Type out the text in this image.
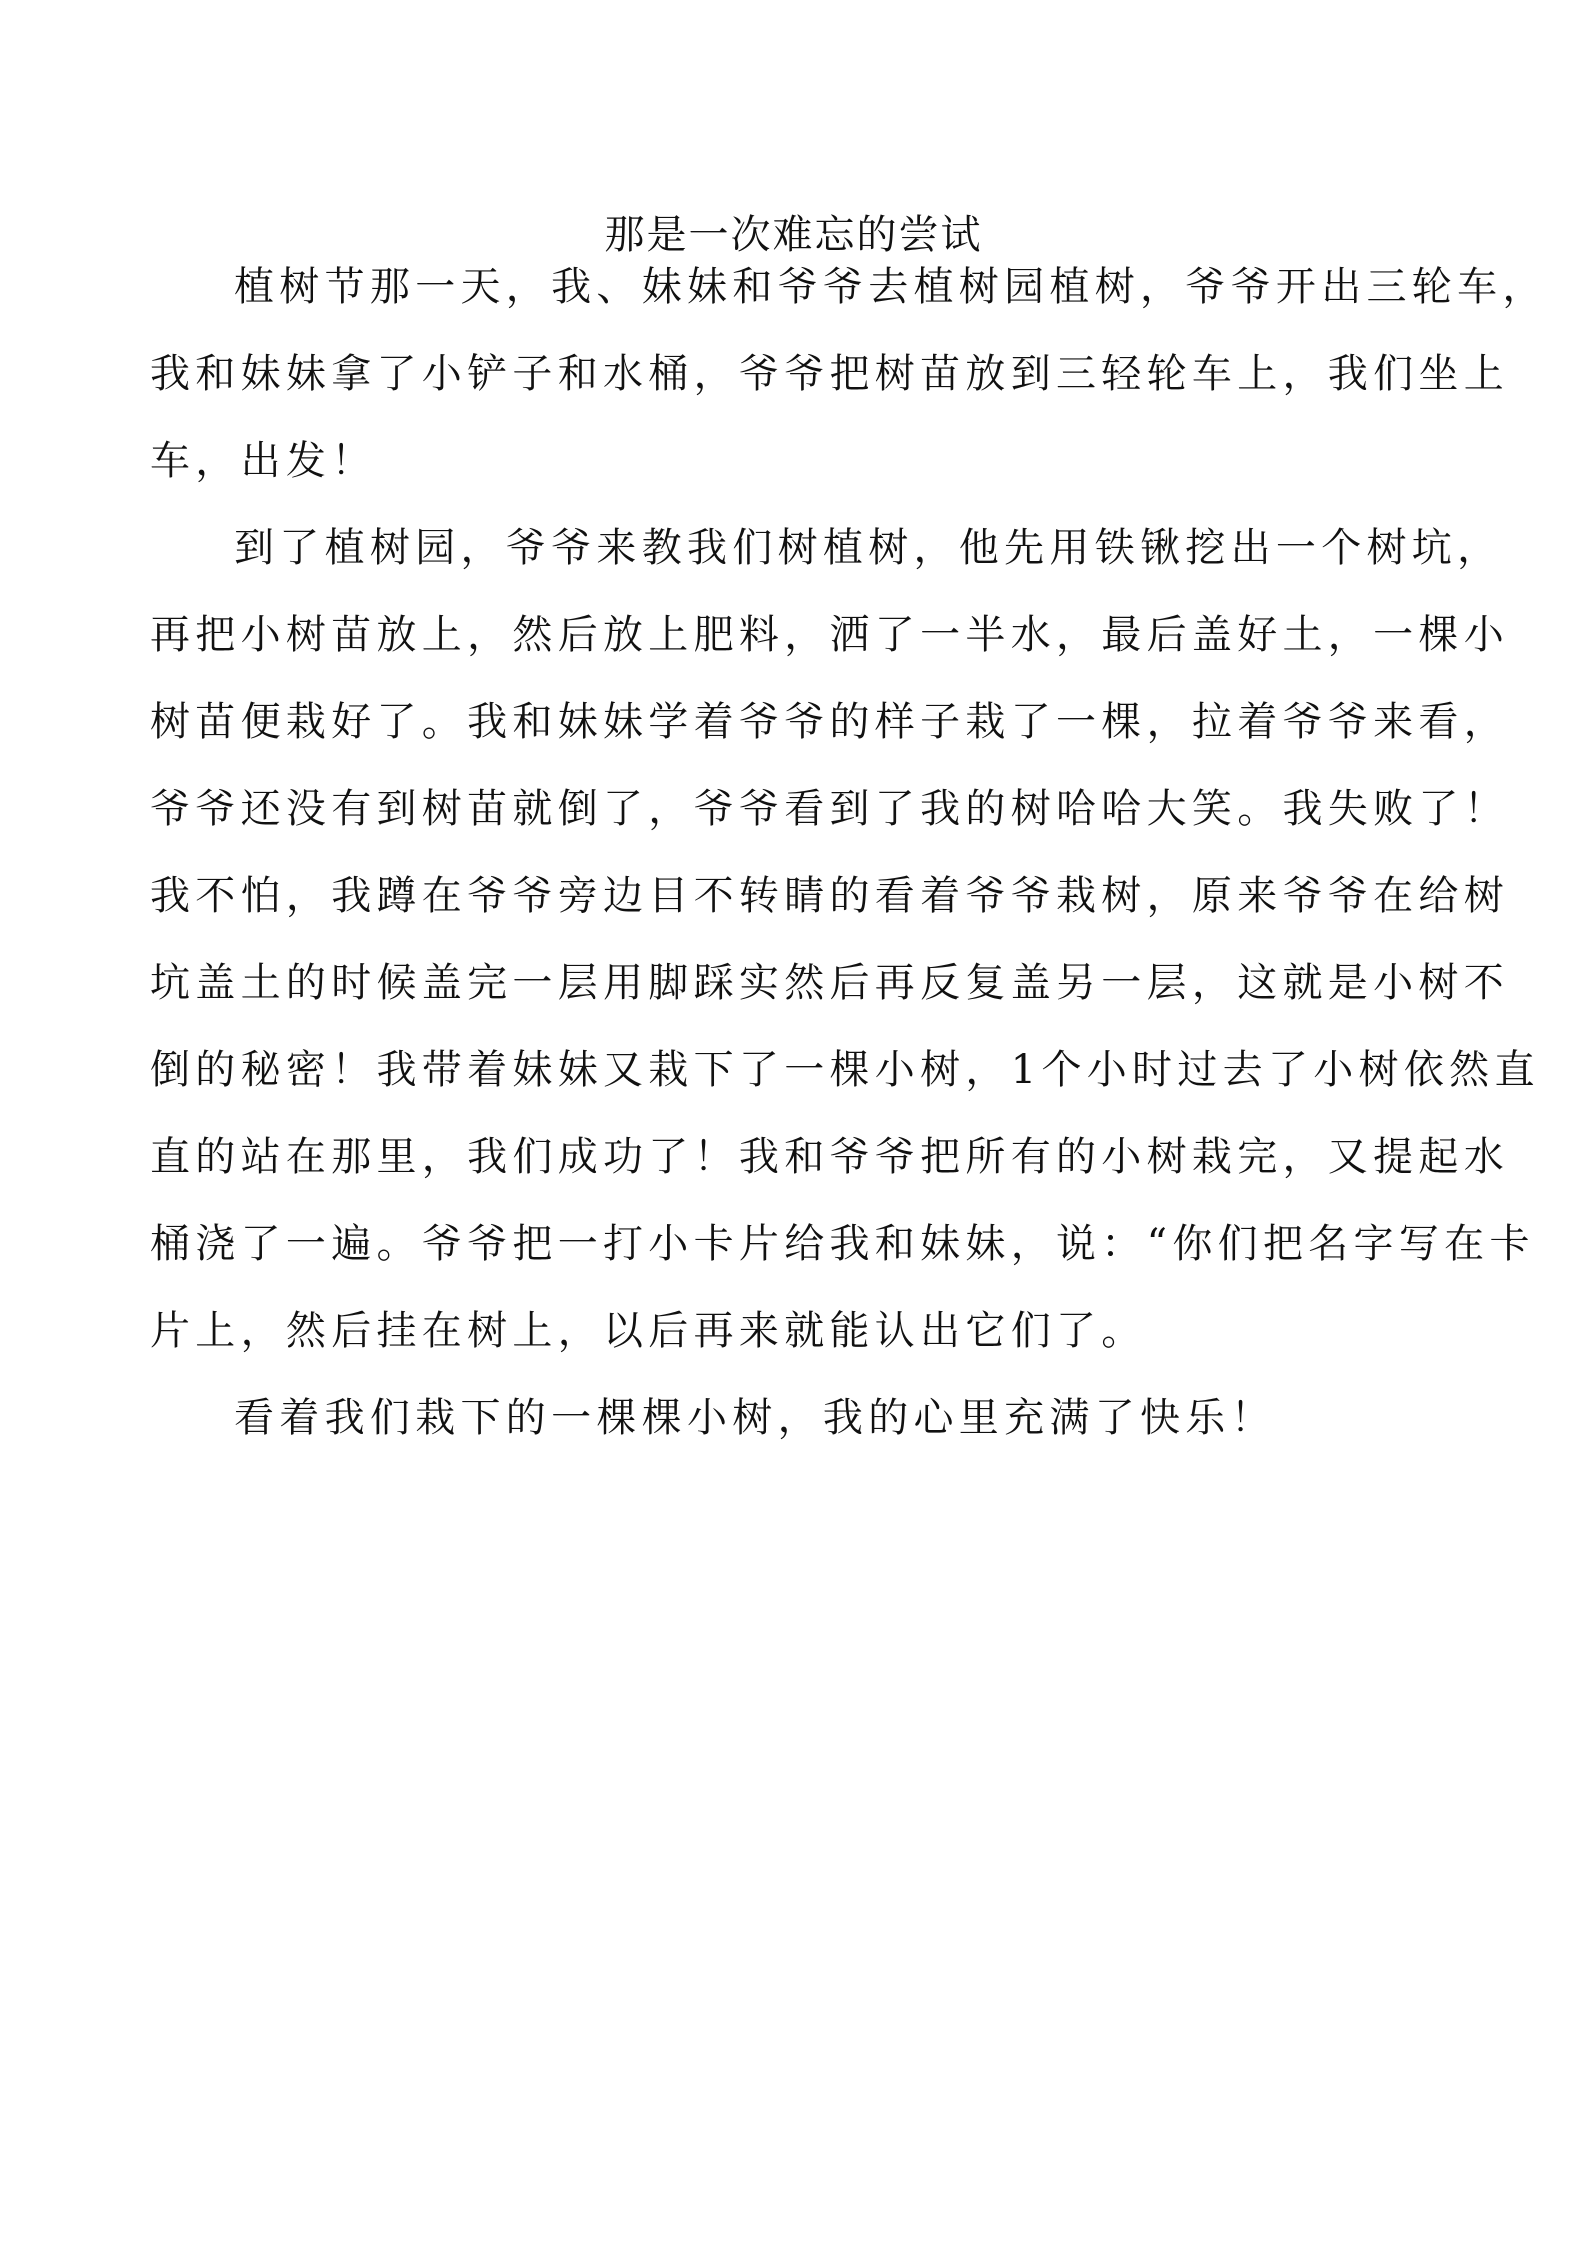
那是一次难忘的尝试

植树节那一天，我、妹妹和爷爷去植树园植树，爷爷开出三轮车，
我和妹妹拿了小铲子和水桶，爷爷把树苗放到三轻轮车上，我们坐上
车，出发！

到了植树园，爷爷来教我们树植树，他先用铁锹挖出一个树坑，
再把小树苗放上，然后放上肥料，洒了一半水，最后盖好土，一棵小
树苗便栽好了。我和妹妹学着爷爷的样子栽了一棵，拉着爷爷来看，
爷爷还没有到树苗就倒了，爷爷看到了我的树哈哈大笑。我失败了！
我不怕，我蹲在爷爷旁边目不转睛的看着爷爷栽树，原来爷爷在给树
坑盖土的时候盖完一层用脚踩实然后再反复盖另一层，这就是小树不
倒的秘密！我带着妹妹又栽下了一棵小树，1个小时过去了小树依然直
直的站在那里，我们成功了！我和爷爷把所有的小树栽完，又提起水
桶浇了一遍。爷爷把一打小卡片给我和妹妹，说：“你们把名字写在卡
片上，然后挂在树上，以后再来就能认出它们了。

看着我们栽下的一棵棵小树，我的心里充满了快乐！
